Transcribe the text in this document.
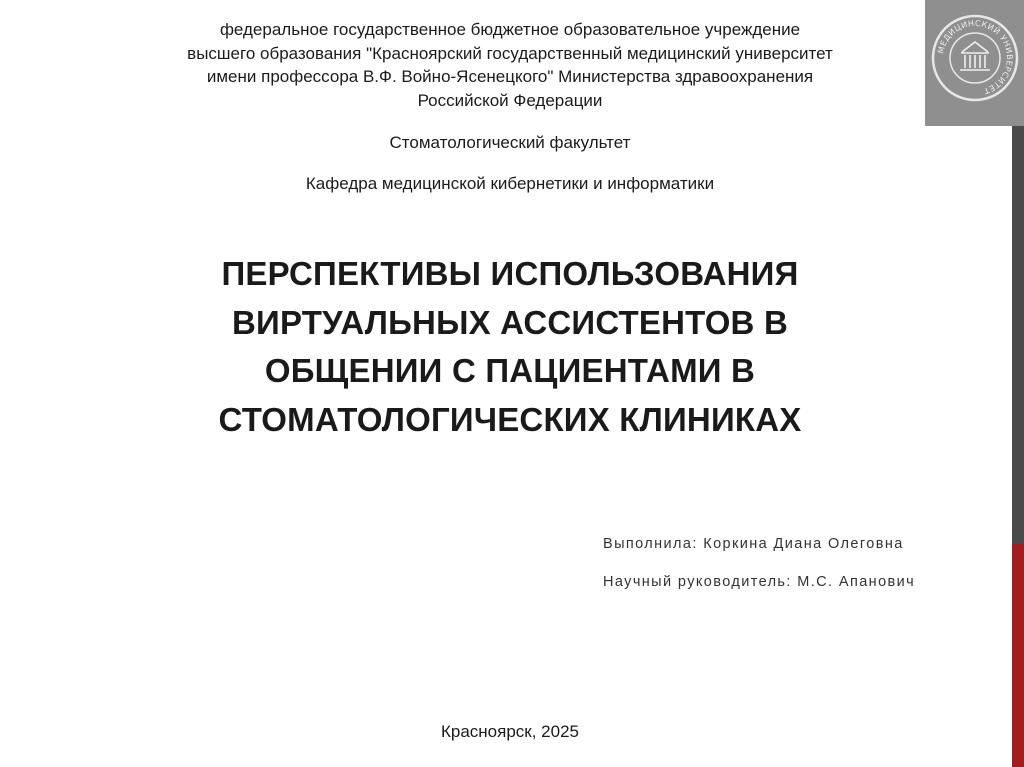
федеральное государственное бюджетное образовательное учреждение
высшего образования "Красноярский государственный медицинский университет
имени профессора В.Ф. Войно-Ясенецкого" Министерства здравоохранения
Российской Федерации
Стоматологический факультет
Кафедра медицинской кибернетики и информатики
ПЕРСПЕКТИВЫ ИСПОЛЬЗОВАНИЯ
ВИРТУАЛЬНЫХ АССИСТЕНТОВ В
ОБЩЕНИИ С ПАЦИЕНТАМИ В
СТОМАТОЛОГИЧЕСКИХ КЛИНИКАХ
Выполнила: Коркина Диана Олеговна
Научный руководитель: М.С. Апанович
Красноярск, 2025
МЕДИЦИНСКИЙ УНИВЕРСИТЕТ
